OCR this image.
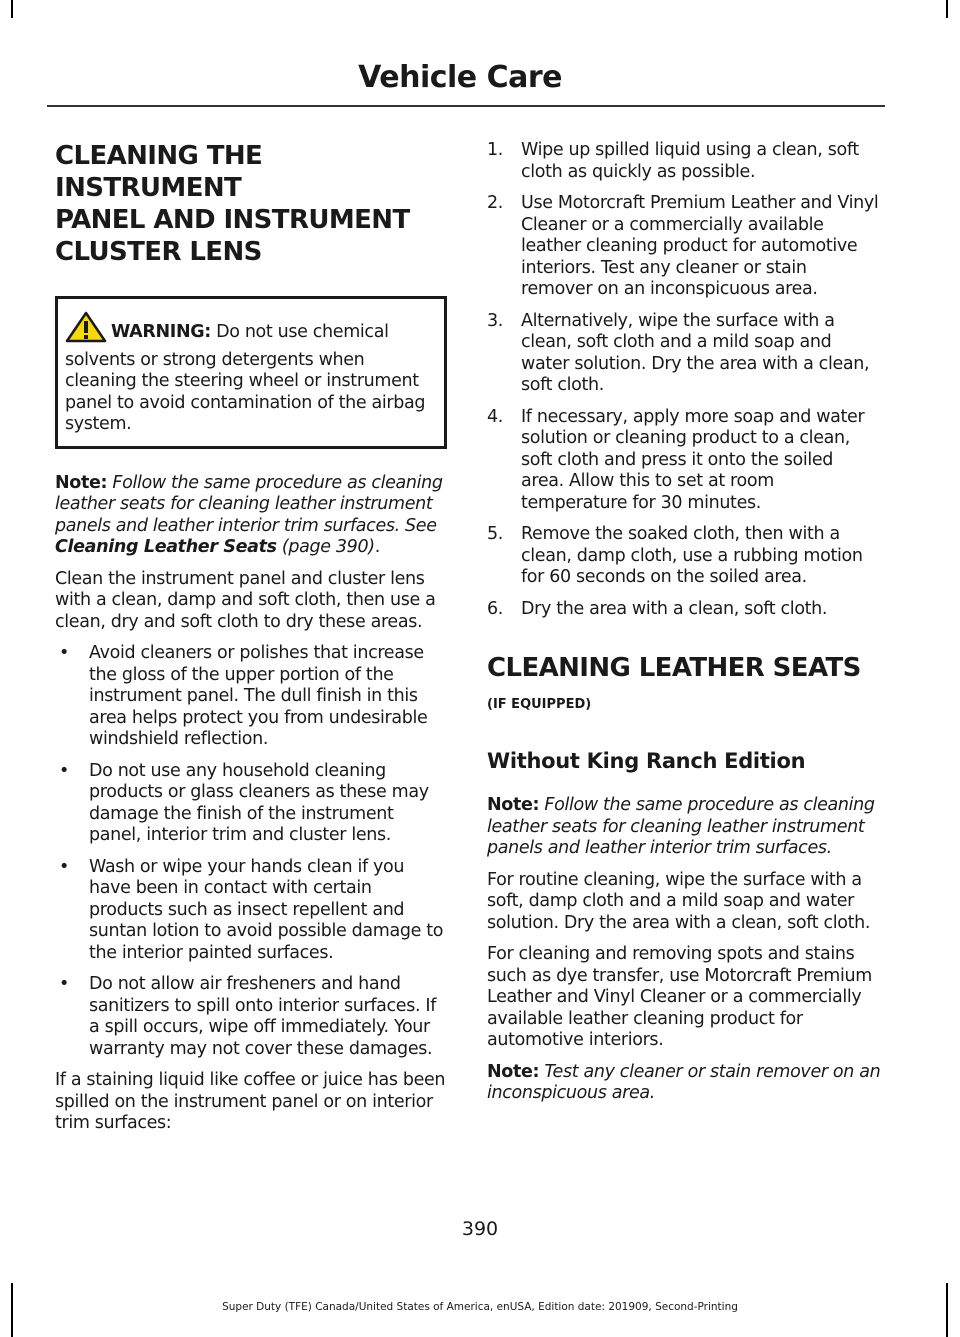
Vehicle Care
CLEANING THE INSTRUMENT
PANEL AND INSTRUMENT
CLUSTER LENS
WARNING: Do not use chemical solvents or strong detergents when cleaning the steering wheel or instrument panel to avoid contamination of the airbag system.

Note: Follow the same procedure as cleaning leather seats for cleaning leather instrument panels and leather interior trim surfaces. See Cleaning Leather Seats (page 390).

Clean the instrument panel and cluster lens with a clean, damp and soft cloth, then use a clean, dry and soft cloth to dry these areas.

• Avoid cleaners or polishes that increase the gloss of the upper portion of the instrument panel. The dull finish in this area helps protect you from undesirable windshield reflection.
• Do not use any household cleaning products or glass cleaners as these may damage the finish of the instrument panel, interior trim and cluster lens.
• Wash or wipe your hands clean if you have been in contact with certain products such as insect repellent and suntan lotion to avoid possible damage to the interior painted surfaces.
• Do not allow air fresheners and hand sanitizers to spill onto interior surfaces. If a spill occurs, wipe off immediately. Your warranty may not cover these damages.

If a staining liquid like coffee or juice has been spilled on the instrument panel or on interior trim surfaces:

1. Wipe up spilled liquid using a clean, soft cloth as quickly as possible.
2. Use Motorcraft Premium Leather and Vinyl Cleaner or a commercially available leather cleaning product for automotive interiors. Test any cleaner or stain remover on an inconspicuous area.
3. Alternatively, wipe the surface with a clean, soft cloth and a mild soap and water solution. Dry the area with a clean, soft cloth.
4. If necessary, apply more soap and water solution or cleaning product to a clean, soft cloth and press it onto the soiled area. Allow this to set at room temperature for 30 minutes.
5. Remove the soaked cloth, then with a clean, damp cloth, use a rubbing motion for 60 seconds on the soiled area.
6. Dry the area with a clean, soft cloth.
CLEANING LEATHER SEATS (IF EQUIPPED)
Without King Ranch Edition

Note: Follow the same procedure as cleaning leather seats for cleaning leather instrument panels and leather interior trim surfaces.

For routine cleaning, wipe the surface with a soft, damp cloth and a mild soap and water solution. Dry the area with a clean, soft cloth.

For cleaning and removing spots and stains such as dye transfer, use Motorcraft Premium Leather and Vinyl Cleaner or a commercially available leather cleaning product for automotive interiors.

Note: Test any cleaner or stain remover on an inconspicuous area.

390
Super Duty (TFE) Canada/United States of America, enUSA, Edition date: 201909, Second-Printing
